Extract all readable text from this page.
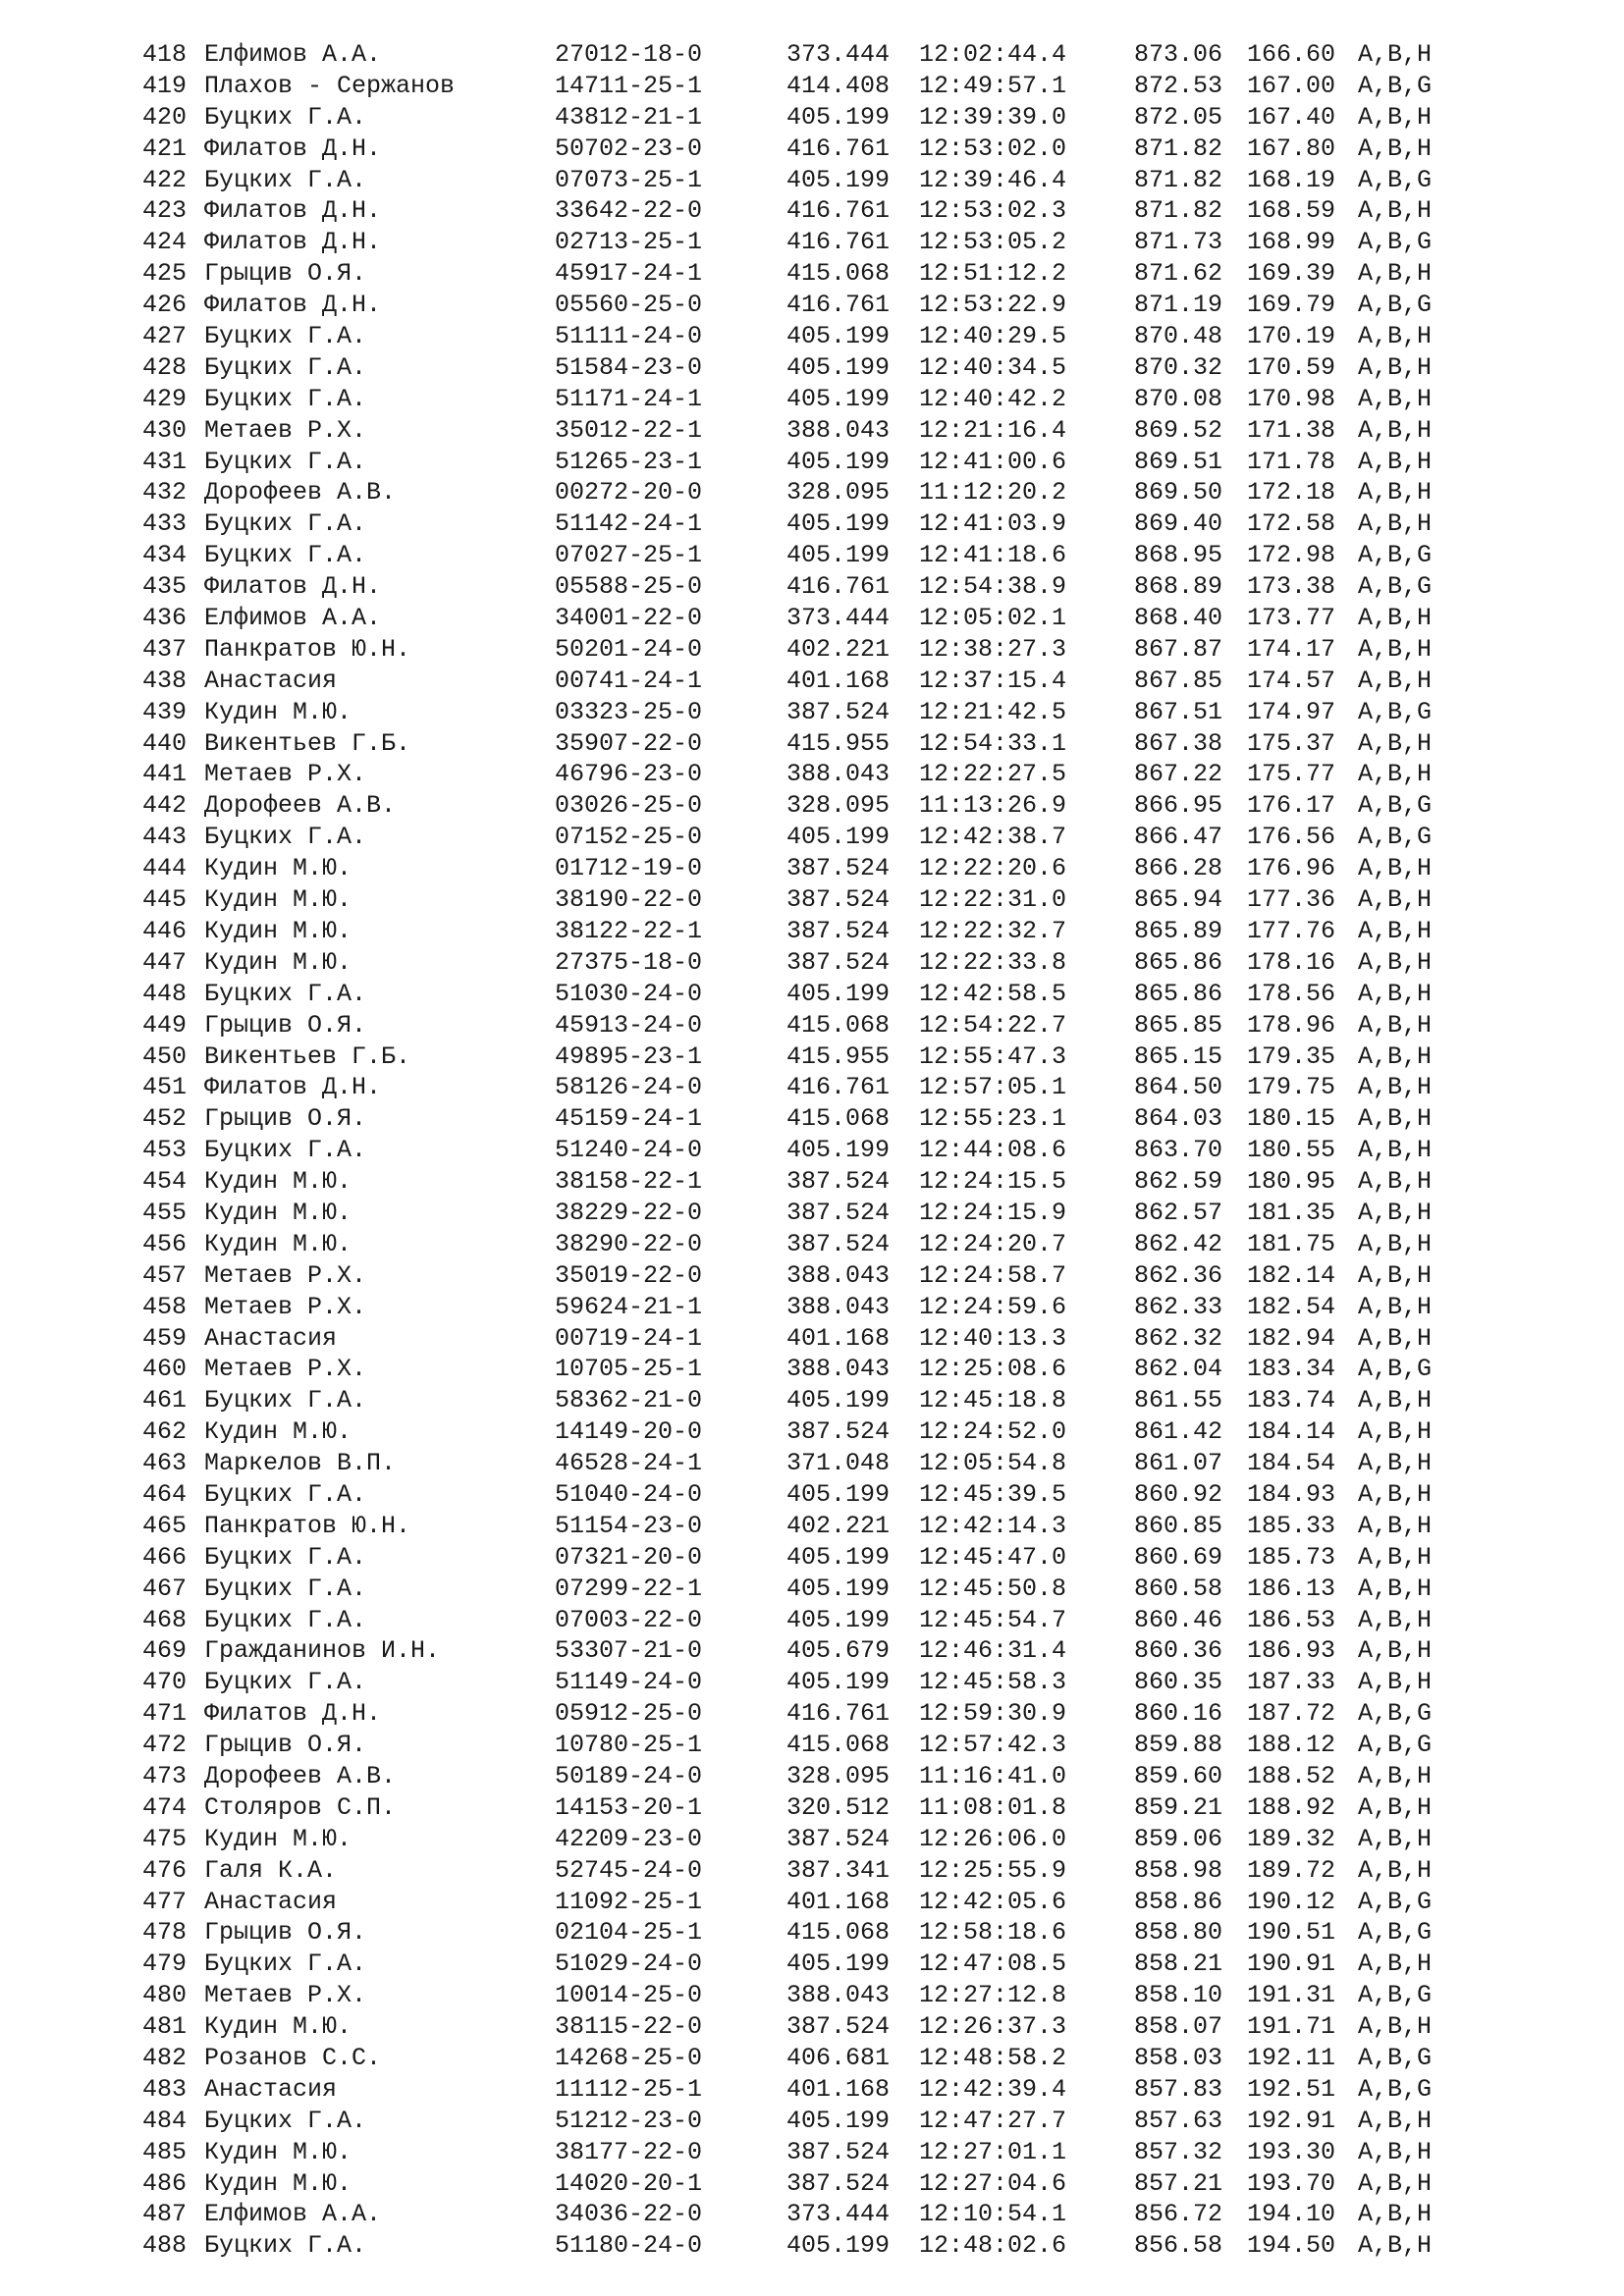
418 Елфимов А.А.	27012-18-0	373.444 12:02:44.4	873.06 166.60 A,B,H
419 Плахов - Сержанов	14711-25-1	414.408 12:49:57.1	872.53 167.00 A,B,G
420 Буцких Г.А.	43812-21-1	405.199 12:39:39.0	872.05 167.40 A,B,H
421 Филатов Д.Н.	50702-23-0	416.761 12:53:02.0	871.82 167.80 A,B,H
422 Буцких Г.А.	07073-25-1	405.199 12:39:46.4	871.82 168.19 A,B,G
423 Филатов Д.Н.	33642-22-0	416.761 12:53:02.3	871.82 168.59 A,B,H
424 Филатов Д.Н.	02713-25-1	416.761 12:53:05.2	871.73 168.99 A,B,G
425 Грыцив О.Я.	45917-24-1	415.068 12:51:12.2	871.62 169.39 A,B,H
426 Филатов Д.Н.	05560-25-0	416.761 12:53:22.9	871.19 169.79 A,B,G
427 Буцких Г.А.	51111-24-0	405.199 12:40:29.5	870.48 170.19 A,B,H
428 Буцких Г.А.	51584-23-0	405.199 12:40:34.5	870.32 170.59 A,B,H
429 Буцких Г.А.	51171-24-1	405.199 12:40:42.2	870.08 170.98 A,B,H
430 Метаев Р.Х.	35012-22-1	388.043 12:21:16.4	869.52 171.38 A,B,H
431 Буцких Г.А.	51265-23-1	405.199 12:41:00.6	869.51 171.78 A,B,H
432 Дорофеев А.В.	00272-20-0	328.095 11:12:20.2	869.50 172.18 A,B,H
433 Буцких Г.А.	51142-24-1	405.199 12:41:03.9	869.40 172.58 A,B,H
434 Буцких Г.А.	07027-25-1	405.199 12:41:18.6	868.95 172.98 A,B,G
435 Филатов Д.Н.	05588-25-0	416.761 12:54:38.9	868.89 173.38 A,B,G
436 Елфимов А.А.	34001-22-0	373.444 12:05:02.1	868.40 173.77 A,B,H
437 Панкратов Ю.Н.	50201-24-0	402.221 12:38:27.3	867.87 174.17 A,B,H
438 Анастасия	00741-24-1	401.168 12:37:15.4	867.85 174.57 A,B,H
439 Кудин М.Ю.	03323-25-0	387.524 12:21:42.5	867.51 174.97 A,B,G
440 Викентьев Г.Б.	35907-22-0	415.955 12:54:33.1	867.38 175.37 A,B,H
441 Метаев Р.Х.	46796-23-0	388.043 12:22:27.5	867.22 175.77 A,B,H
442 Дорофеев А.В.	03026-25-0	328.095 11:13:26.9	866.95 176.17 A,B,G
443 Буцких Г.А.	07152-25-0	405.199 12:42:38.7	866.47 176.56 A,B,G
444 Кудин М.Ю.	01712-19-0	387.524 12:22:20.6	866.28 176.96 A,B,H
445 Кудин М.Ю.	38190-22-0	387.524 12:22:31.0	865.94 177.36 A,B,H
446 Кудин М.Ю.	38122-22-1	387.524 12:22:32.7	865.89 177.76 A,B,H
447 Кудин М.Ю.	27375-18-0	387.524 12:22:33.8	865.86 178.16 A,B,H
448 Буцких Г.А.	51030-24-0	405.199 12:42:58.5	865.86 178.56 A,B,H
449 Грыцив О.Я.	45913-24-0	415.068 12:54:22.7	865.85 178.96 A,B,H
450 Викентьев Г.Б.	49895-23-1	415.955 12:55:47.3	865.15 179.35 A,B,H
451 Филатов Д.Н.	58126-24-0	416.761 12:57:05.1	864.50 179.75 A,B,H
452 Грыцив О.Я.	45159-24-1	415.068 12:55:23.1	864.03 180.15 A,B,H
453 Буцких Г.А.	51240-24-0	405.199 12:44:08.6	863.70 180.55 A,B,H
454 Кудин М.Ю.	38158-22-1	387.524 12:24:15.5	862.59 180.95 A,B,H
455 Кудин М.Ю.	38229-22-0	387.524 12:24:15.9	862.57 181.35 A,B,H
456 Кудин М.Ю.	38290-22-0	387.524 12:24:20.7	862.42 181.75 A,B,H
457 Метаев Р.Х.	35019-22-0	388.043 12:24:58.7	862.36 182.14 A,B,H
458 Метаев Р.Х.	59624-21-1	388.043 12:24:59.6	862.33 182.54 A,B,H
459 Анастасия	00719-24-1	401.168 12:40:13.3	862.32 182.94 A,B,H
460 Метаев Р.Х.	10705-25-1	388.043 12:25:08.6	862.04 183.34 A,B,G
461 Буцких Г.А.	58362-21-0	405.199 12:45:18.8	861.55 183.74 A,B,H
462 Кудин М.Ю.	14149-20-0	387.524 12:24:52.0	861.42 184.14 A,B,H
463 Маркелов В.П.	46528-24-1	371.048 12:05:54.8	861.07 184.54 A,B,H
464 Буцких Г.А.	51040-24-0	405.199 12:45:39.5	860.92 184.93 A,B,H
465 Панкратов Ю.Н.	51154-23-0	402.221 12:42:14.3	860.85 185.33 A,B,H
466 Буцких Г.А.	07321-20-0	405.199 12:45:47.0	860.69 185.73 A,B,H
467 Буцких Г.А.	07299-22-1	405.199 12:45:50.8	860.58 186.13 A,B,H
468 Буцких Г.А.	07003-22-0	405.199 12:45:54.7	860.46 186.53 A,B,H
469 Гражданинов И.Н.	53307-21-0	405.679 12:46:31.4	860.36 186.93 A,B,H
470 Буцких Г.А.	51149-24-0	405.199 12:45:58.3	860.35 187.33 A,B,H
471 Филатов Д.Н.	05912-25-0	416.761 12:59:30.9	860.16 187.72 A,B,G
472 Грыцив О.Я.	10780-25-1	415.068 12:57:42.3	859.88 188.12 A,B,G
473 Дорофеев А.В.	50189-24-0	328.095 11:16:41.0	859.60 188.52 A,B,H
474 Столяров С.П.	14153-20-1	320.512 11:08:01.8	859.21 188.92 A,B,H
475 Кудин М.Ю.	42209-23-0	387.524 12:26:06.0	859.06 189.32 A,B,H
476 Галя К.А.	52745-24-0	387.341 12:25:55.9	858.98 189.72 A,B,H
477 Анастасия	11092-25-1	401.168 12:42:05.6	858.86 190.12 A,B,G
478 Грыцив О.Я.	02104-25-1	415.068 12:58:18.6	858.80 190.51 A,B,G
479 Буцких Г.А.	51029-24-0	405.199 12:47:08.5	858.21 190.91 A,B,H
480 Метаев Р.Х.	10014-25-0	388.043 12:27:12.8	858.10 191.31 A,B,G
481 Кудин М.Ю.	38115-22-0	387.524 12:26:37.3	858.07 191.71 A,B,H
482 Розанов С.С.	14268-25-0	406.681 12:48:58.2	858.03 192.11 A,B,G
483 Анастасия	11112-25-1	401.168 12:42:39.4	857.83 192.51 A,B,G
484 Буцких Г.А.	51212-23-0	405.199 12:47:27.7	857.63 192.91 A,B,H
485 Кудин М.Ю.	38177-22-0	387.524 12:27:01.1	857.32 193.30 A,B,H
486 Кудин М.Ю.	14020-20-1	387.524 12:27:04.6	857.21 193.70 A,B,H
487 Елфимов А.А.	34036-22-0	373.444 12:10:54.1	856.72 194.10 A,B,H
488 Буцких Г.А.	51180-24-0	405.199 12:48:02.6	856.58 194.50 A,B,H
